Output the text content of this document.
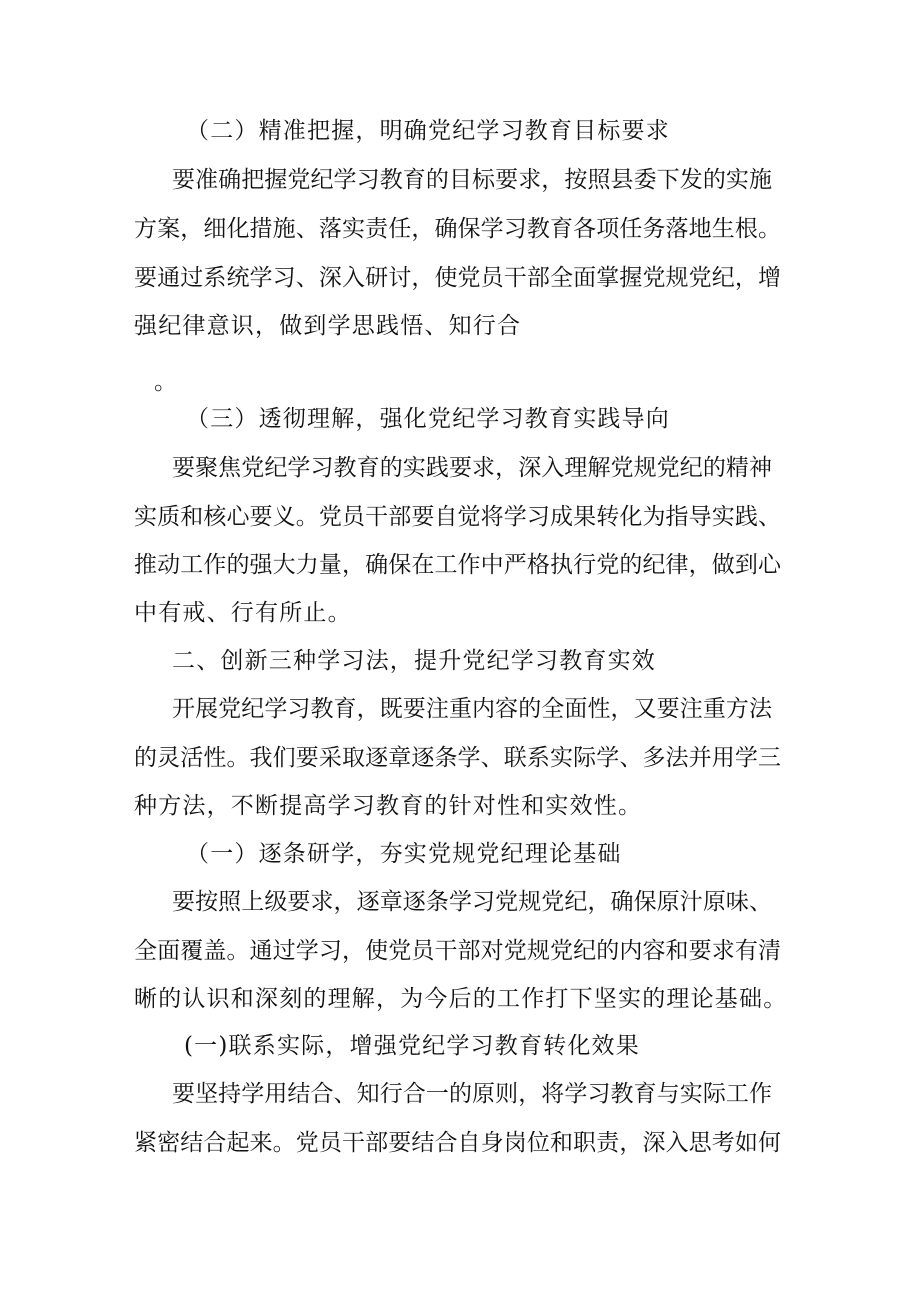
（二）精准把握，明确党纪学习教育目标要求
要准确把握党纪学习教育的目标要求，按照县委下发的实施
方案，细化措施、落实责任，确保学习教育各项任务落地生根。
要通过系统学习、深入研讨，使党员干部全面掌握党规党纪，增
强纪律意识，做到学思践悟、知行合
。
（三）透彻理解，强化党纪学习教育实践导向
要聚焦党纪学习教育的实践要求，深入理解党规党纪的精神
实质和核心要义。党员干部要自觉将学习成果转化为指导实践、
推动工作的强大力量，确保在工作中严格执行党的纪律，做到心
中有戒、行有所止。
二、创新三种学习法，提升党纪学习教育实效
开展党纪学习教育，既要注重内容的全面性，又要注重方法
的灵活性。我们要采取逐章逐条学、联系实际学、多法并用学三
种方法，不断提高学习教育的针对性和实效性。
（一）逐条研学，夯实党规党纪理论基础
要按照上级要求，逐章逐条学习党规党纪，确保原汁原味、
全面覆盖。通过学习，使党员干部对党规党纪的内容和要求有清
晰的认识和深刻的理解，为今后的工作打下坚实的理论基础。
(一)联系实际，增强党纪学习教育转化效果
要坚持学用结合、知行合一的原则，将学习教育与实际工作
紧密结合起来。党员干部要结合自身岗位和职责，深入思考如何
